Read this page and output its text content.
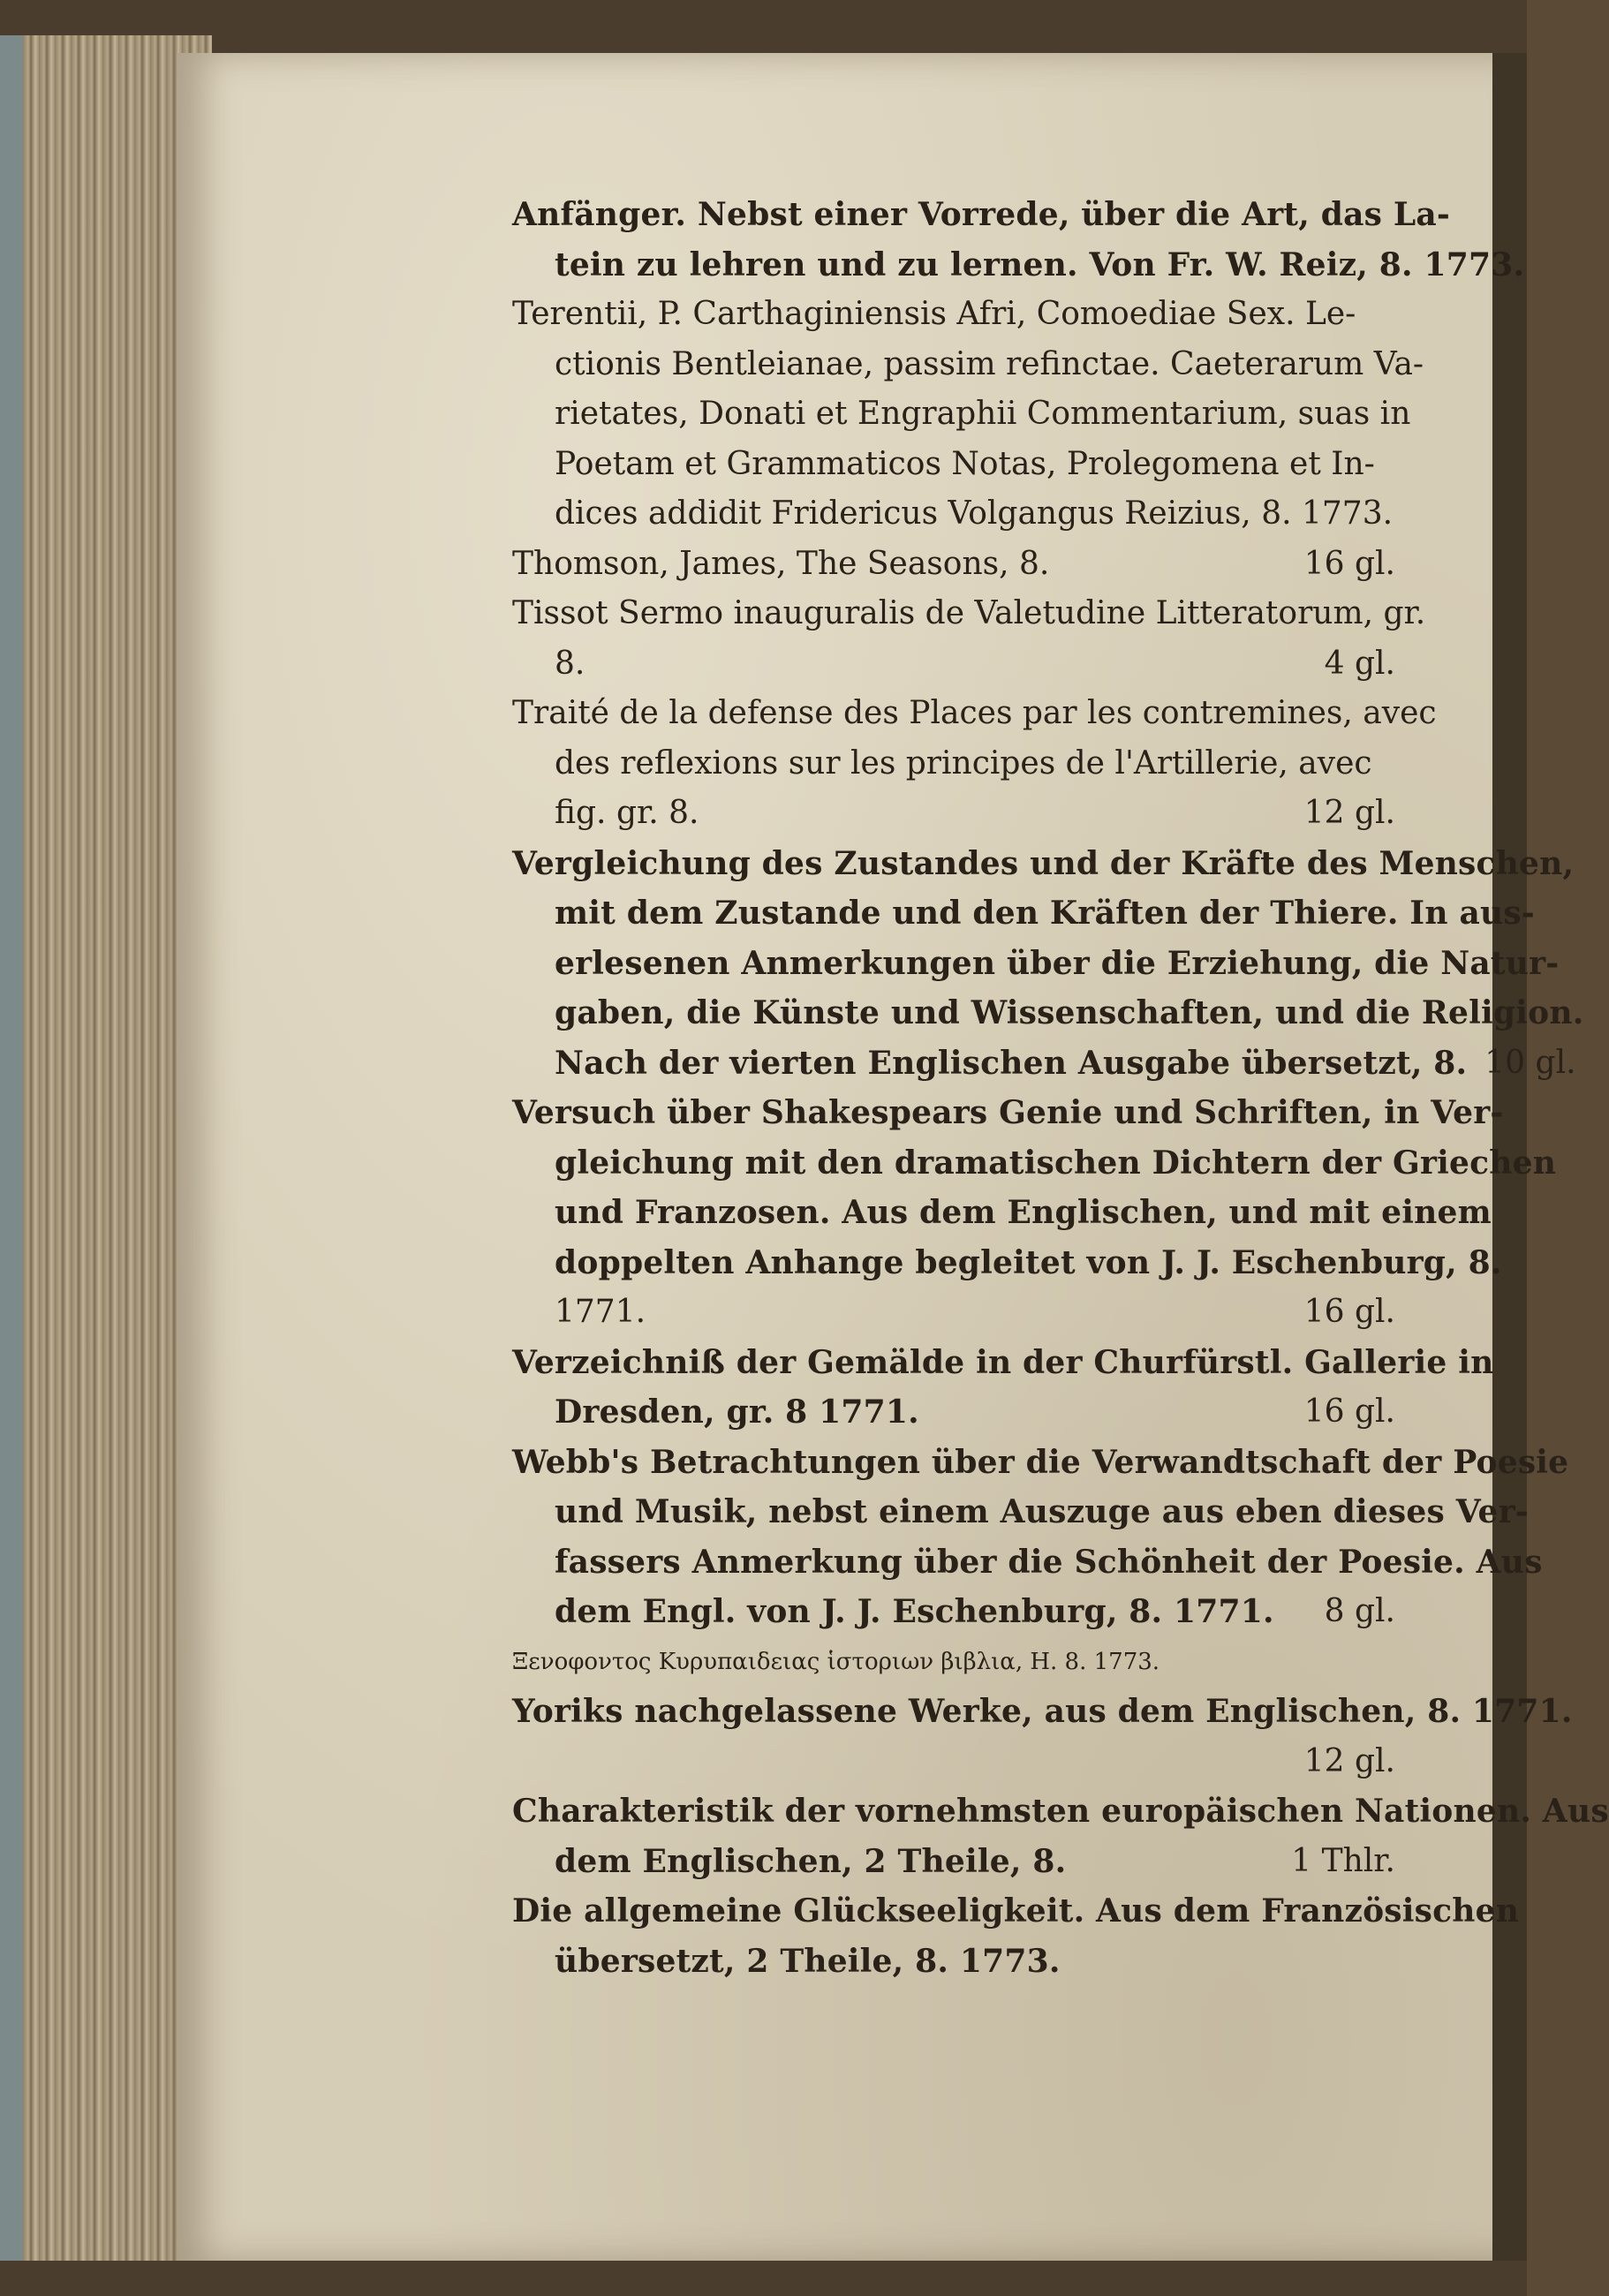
Anfänger. Nebst einer Vorrede, über die Art, das La-
tein zu lehren und zu lernen. Von Fr. W. Reiz, 8. 1773.
Terentii, P. Carthaginiensis Afri, Comoediae Sex. Le-
ctionis Bentleianae, passim refinctae. Caeterarum Va-
rietates, Donati et Engraphii Commentarium, suas in
Poetam et Grammaticos Notas, Prolegomena et In-
dices addidit Fridericus Volgangus Reizius, 8. 1773.
Thomson, James, The Seasons, 8.	16 gl.
Tissot Sermo inauguralis de Valetudine Litteratorum, gr.
8.	4 gl.
Traité de la defense des Places par les contremines, avec
des reflexions sur les principes de l'Artillerie, avec
fig. gr. 8.	12 gl.
Vergleichung des Zustandes und der Kräfte des Menschen,
mit dem Zustande und den Kräften der Thiere. In aus-
erlesenen Anmerkungen über die Erziehung, die Natur-
gaben, die Künste und Wissenschaften, und die Religion.
Nach der vierten Englischen Ausgabe übersetzt, 8. 10 gl.
Versuch über Shakespears Genie und Schriften, in Ver-
gleichung mit den dramatischen Dichtern der Griechen
und Franzosen. Aus dem Englischen, und mit einem
doppelten Anhange begleitet von J. J. Eschenburg, 8.
1771.	16 gl.
Verzeichniß der Gemälde in der Churfürstl. Gallerie in
Dresden, gr. 8 1771.	16 gl.
Webb's Betrachtungen über die Verwandtschaft der Poesie
und Musik, nebst einem Auszuge aus eben dieses Ver-
fassers Anmerkung über die Schönheit der Poesie. Aus
dem Engl. von J. J. Eschenburg, 8. 1771.	8 gl.
Ξενοφοντος Κυρυπαιδειας ἱστοριων βιβλια, H. 8. 1773.
Yoriks nachgelassene Werke, aus dem Englischen, 8. 1771.
12 gl.
Charakteristik der vornehmsten europäischen Nationen. Aus
dem Englischen, 2 Theile, 8.	1 Thlr.
Die allgemeine Glückseeligkeit. Aus dem Französischen
übersetzt, 2 Theile, 8. 1773.
